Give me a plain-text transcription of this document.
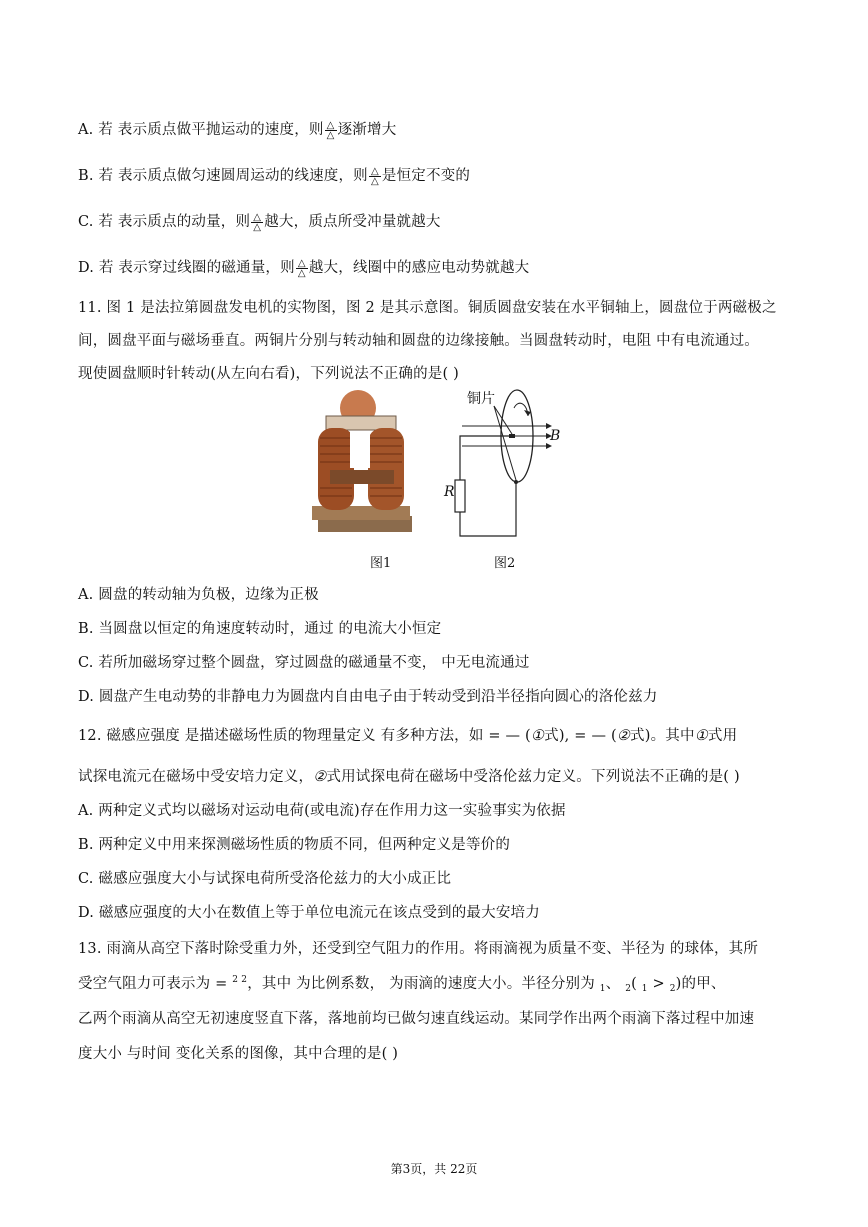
A. 若 表示质点做平抛运动的速度，则$\frac{\triangle}{\triangle}$逐渐增大
B. 若 表示质点做匀速圆周运动的线速度，则$\frac{\triangle}{\triangle}$是恒定不变的
C. 若 表示质点的动量，则$\frac{\triangle}{\triangle}$越大，质点所受冲量就越大
D. 若 表示穿过线圈的磁通量，则$\frac{\triangle}{\triangle}$越大，线圈中的感应电动势就越大
11. 图 1 是法拉第圆盘发电机的实物图，图 2 是其示意图。铜质圆盘安装在水平铜轴上，圆盘位于两磁极之
间，圆盘平面与磁场垂直。两铜片分别与转动轴和圆盘的边缘接触。当圆盘转动时，电阻 中有电流通过。
现使圆盘顺时针转动(从左向右看)，下列说法不正确的是( )
铜片
B
R
图1	图2
A. 圆盘的转动轴为负极，边缘为正极
B. 当圆盘以恒定的角速度转动时，通过 的电流大小恒定
C. 若所加磁场穿过整个圆盘，穿过圆盘的磁通量不变， 中无电流通过
D. 圆盘产生电动势的非静电力为圆盘内自由电子由于转动受到沿半径指向圆心的洛伦兹力
12. 磁感应强度 是描述磁场性质的物理量定义 有多种方法，如 = — (①式), = — (②式)。其中①式用
试探电流元在磁场中受安培力定义，②式用试探电荷在磁场中受洛伦兹力定义。下列说法不正确的是( )
A. 两种定义式均以磁场对运动电荷(或电流)存在作用力这一实验事实为依据
B. 两种定义中用来探测磁场性质的物质不同，但两种定义是等价的
C. 磁感应强度大小与试探电荷所受洛伦兹力的大小成正比
D. 磁感应强度的大小在数值上等于单位电流元在该点受到的最大安培力
13. 雨滴从高空下落时除受重力外，还受到空气阻力的作用。将雨滴视为质量不变、半径为 的球体，其所
受空气阻力可表示为 = $^{2 2}$，其中 为比例系数， 为雨滴的速度大小。半径分别为 $_1$、 $_2$( $_1$ > $_2$)的甲、
乙两个雨滴从高空无初速度竖直下落，落地前均已做匀速直线运动。某同学作出两个雨滴下落过程中加速
度大小 与时间 变化关系的图像，其中合理的是( )
第3页，共 22页
